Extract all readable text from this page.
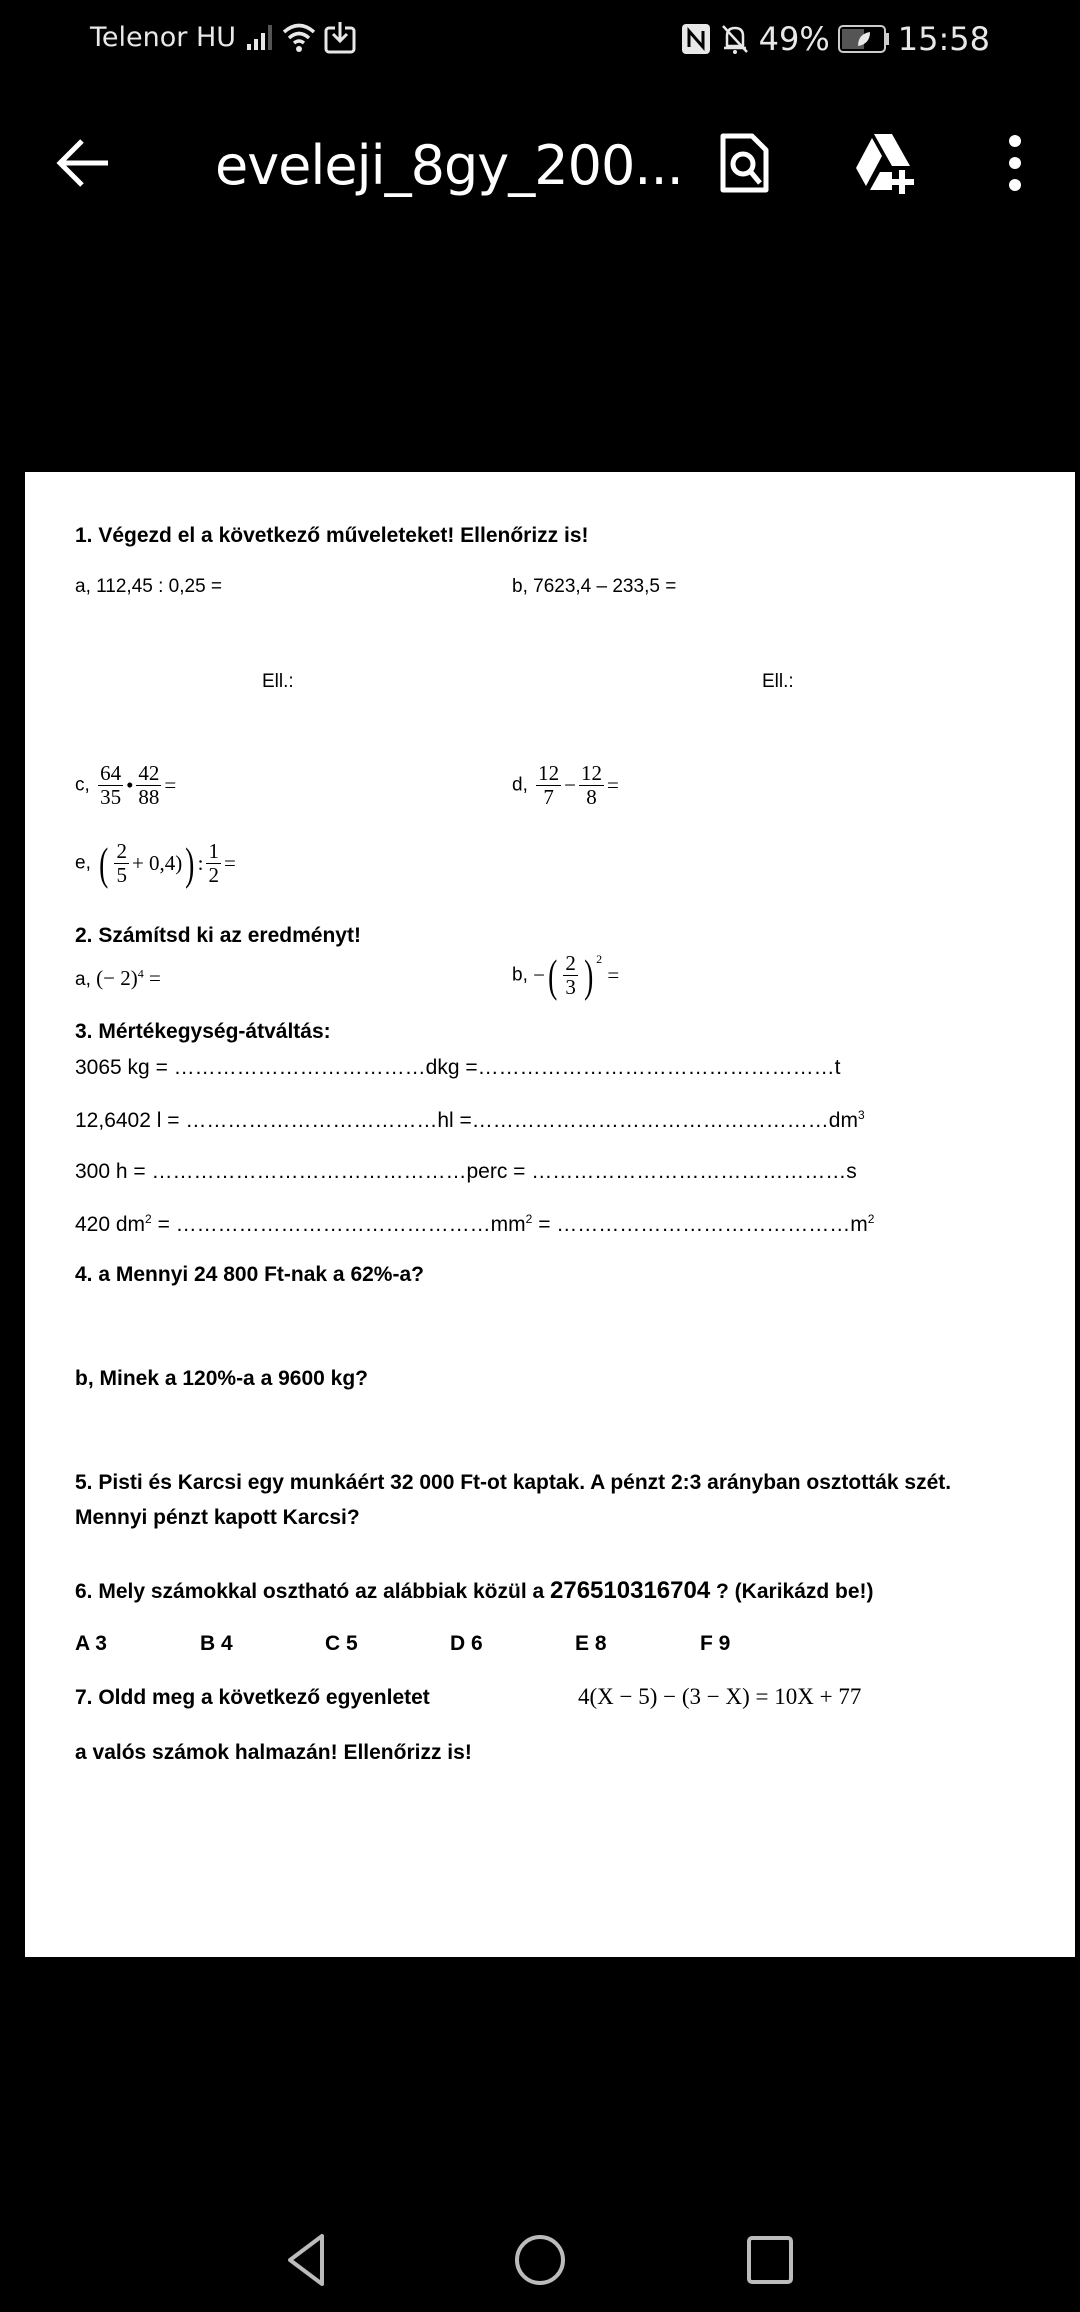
Telenor HU	49% 15:58
eveleji_8gy_200...
1. Végezd el a következő műveleteket! Ellenőrizz is!
a, 112,45 : 0,25 =	b, 7623,4 – 233,5 =
Ell.:	Ell.:
c, $\frac{64}{35}$ • $\frac{42}{88}$ =	d, $\frac{12}{7} - \frac{12}{8}$ =
e, ( $\frac{2}{5} + 0,4$)) : $\frac{1}{2}$ =
2. Számítsd ki az eredményt!
a, (− 2)$^4$ =	b, −( $\frac{2}{3}$ ) $^2$ =
3. Mértékegység-átváltás:
3065 kg = ………………………………dkg =……………………………………………t
12,6402 l = ………………………………hl $=\dots\dots\dots\dots\dots\dots\dots\dots\dots\dots\dots\dots\dots\dots\dots\dots\dots dm^3$
300 h = ………………………………………perc = ………………………………………s
420 $dm^2$ = $\dots\dots\dots\dots\dots\dots\dots\dots\dots\dots\dots\dots\dots\dots\dots mm^2$ = $\dots\dots\dots\dots\dots\dots\dots\dots\dots\dots\dots\dots\dots\dots m^2$
4. a Mennyi 24 800 Ft-nak a 62%-a?
b, Minek a 120%-a a 9600 kg?
5. Pisti és Karcsi egy munkáért 32 000 Ft-ot kaptak. A pénzt 2:3 arányban osztották szét.
Mennyi pénzt kapott Karcsi?
6. Mely számokkal osztható az alábbiak közül a 276510316704 ? (Karikázd be!)
A 3	B 4	C 5	D 6	E 8	F 9
7. Oldd meg a következő egyenletet	4(X − 5) − (3 − X) = 10X + 77
a valós számok halmazán! Ellenőrizz is!
